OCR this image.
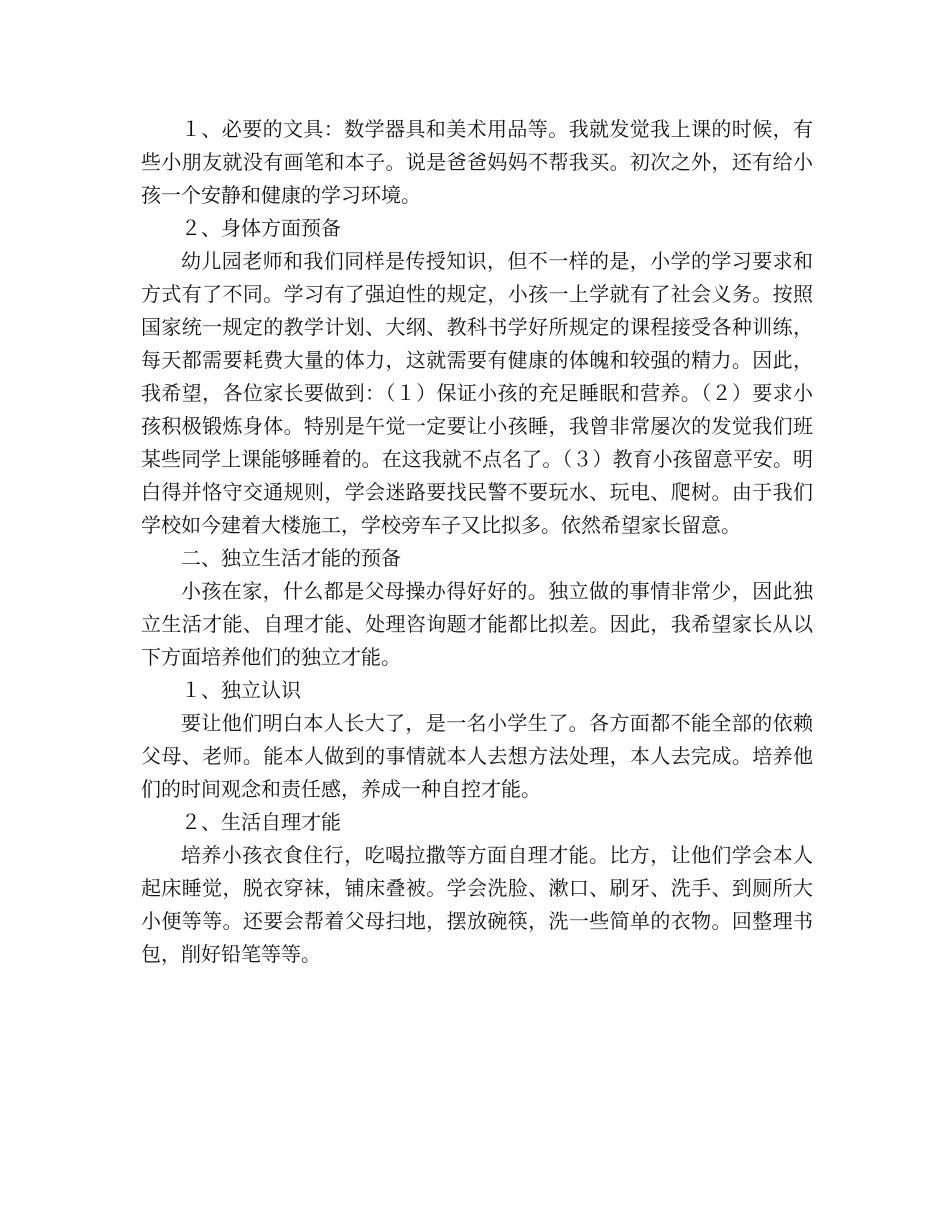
１、必要的文具：数学器具和美术用品等。我就发觉我上课的时候，有些小朋友就没有画笔和本子。说是爸爸妈妈不帮我买。初次之外，还有给小孩一个安静和健康的学习环境。

２、身体方面预备

幼儿园老师和我们同样是传授知识，但不一样的是，小学的学习要求和方式有了不同。学习有了强迫性的规定，小孩一上学就有了社会义务。按照国家统一规定的教学计划、大纲、教科书学好所规定的课程接受各种训练，每天都需要耗费大量的体力，这就需要有健康的体魄和较强的精力。因此，我希望，各位家长要做到：（１）保证小孩的充足睡眠和营养。（２）要求小孩积极锻炼身体。特别是午觉一定要让小孩睡，我曾非常屡次的发觉我们班某些同学上课能够睡着的。在这我就不点名了。（３）教育小孩留意平安。明白得并恪守交通规则，学会迷路要找民警不要玩水、玩电、爬树。由于我们学校如今建着大楼施工，学校旁车子又比拟多。依然希望家长留意。

二、独立生活才能的预备

小孩在家，什么都是父母操办得好好的。独立做的事情非常少，因此独立生活才能、自理才能、处理咨询题才能都比拟差。因此，我希望家长从以下方面培养他们的独立才能。

１、独立认识

要让他们明白本人长大了，是一名小学生了。各方面都不能全部的依赖父母、老师。能本人做到的事情就本人去想方法处理，本人去完成。培养他们的时间观念和责任感，养成一种自控才能。

２、生活自理才能

培养小孩衣食住行，吃喝拉撒等方面自理才能。比方，让他们学会本人起床睡觉，脱衣穿袜，铺床叠被。学会洗脸、漱口、刷牙、洗手、到厕所大小便等等。还要会帮着父母扫地，摆放碗筷，洗一些简单的衣物。回整理书包，削好铅笔等等。
